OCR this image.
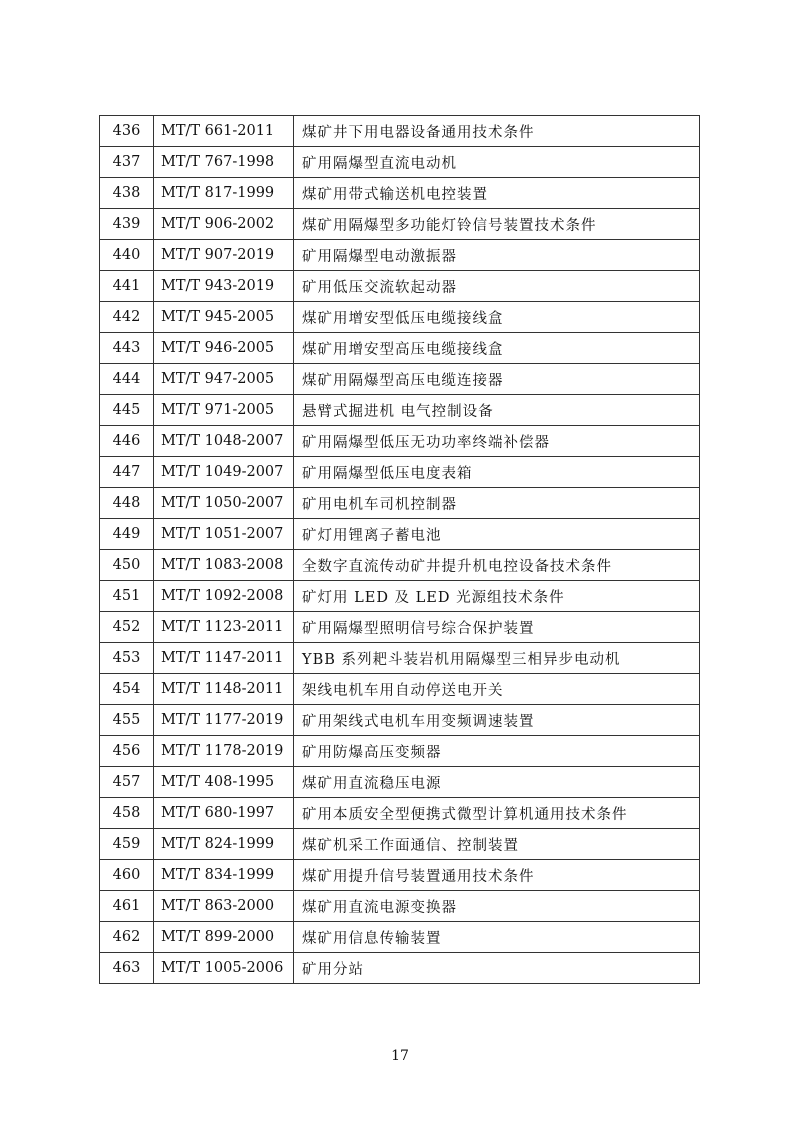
436	MT/T 661-2011	煤矿井下用电器设备通用技术条件
437	MT/T 767-1998	矿用隔爆型直流电动机
438	MT/T 817-1999	煤矿用带式输送机电控装置
439	MT/T 906-2002	煤矿用隔爆型多功能灯铃信号装置技术条件
440	MT/T 907-2019	矿用隔爆型电动激振器
441	MT/T 943-2019	矿用低压交流软起动器
442	MT/T 945-2005	煤矿用增安型低压电缆接线盒
443	MT/T 946-2005	煤矿用增安型高压电缆接线盒
444	MT/T 947-2005	煤矿用隔爆型高压电缆连接器
445	MT/T 971-2005	悬臂式掘进机 电气控制设备
446	MT/T 1048-2007	矿用隔爆型低压无功功率终端补偿器
447	MT/T 1049-2007	矿用隔爆型低压电度表箱
448	MT/T 1050-2007	矿用电机车司机控制器
449	MT/T 1051-2007	矿灯用锂离子蓄电池
450	MT/T 1083-2008	全数字直流传动矿井提升机电控设备技术条件
451	MT/T 1092-2008	矿灯用 LED 及 LED 光源组技术条件
452	MT/T 1123-2011	矿用隔爆型照明信号综合保护装置
453	MT/T 1147-2011	YBB 系列耙斗装岩机用隔爆型三相异步电动机
454	MT/T 1148-2011	架线电机车用自动停送电开关
455	MT/T 1177-2019	矿用架线式电机车用变频调速装置
456	MT/T 1178-2019	矿用防爆高压变频器
457	MT/T 408-1995	煤矿用直流稳压电源
458	MT/T 680-1997	矿用本质安全型便携式微型计算机通用技术条件
459	MT/T 824-1999	煤矿机采工作面通信、控制装置
460	MT/T 834-1999	煤矿用提升信号装置通用技术条件
461	MT/T 863-2000	煤矿用直流电源变换器
462	MT/T 899-2000	煤矿用信息传输装置
463	MT/T 1005-2006	矿用分站
17
